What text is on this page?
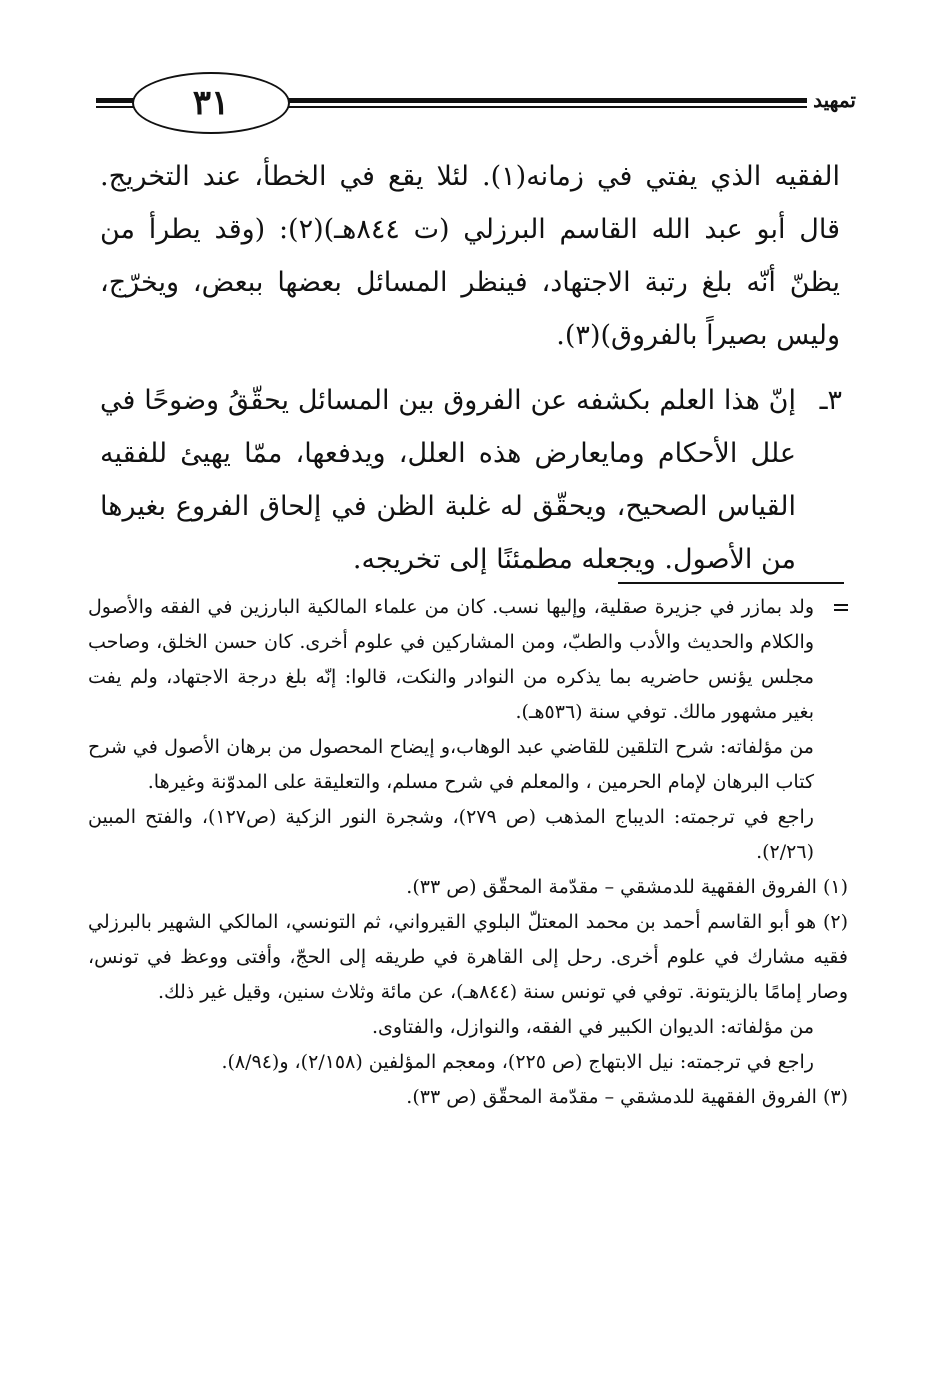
٣١	تمهيد

الفقيه الذي يفتي في زمانه(١). لئلا يقع في الخطأ، عند التخريج. قال أبو عبد الله القاسم البرزلي (ت ٨٤٤هـ)(٢): (وقد يطرأ من يظنّ أنّه بلغ رتبة الاجتهاد، فينظر المسائل بعضها ببعض، ويخرّج، وليس بصيراً بالفروق)(٣).

٣ـ

إنّ هذا العلم بكشفه عن الفروق بين المسائل يحقّقُ وضوحًا في علل الأحكام ومايعارض هذه العلل، ويدفعها، ممّا يهيئ للفقيه القياس الصحيح، ويحقّق له غلبة الظن في إلحاق الفروع بغيرها من الأصول. ويجعله مطمئنًا إلى تخريجه.

ولد بمازر في جزيرة صقلية، وإليها نسب. كان من علماء المالكية البارزين في الفقه والأصول والكلام والحديث والأدب والطبّ، ومن المشاركين في علوم أخرى. كان حسن الخلق، وصاحب مجلس يؤنس حاضريه بما يذكره من النوادر والنكت، قالوا: إنّه بلغ درجة الاجتهاد، ولم يفت بغير مشهور مالك. توفي سنة (٥٣٦هـ).

من مؤلفاته: شرح التلقين للقاضي عبد الوهاب،و إيضاح المحصول من برهان الأصول في شرح كتاب البرهان لإمام الحرمين ، والمعلم في شرح مسلم، والتعليقة على المدوّنة وغيرها.

راجع في ترجمته: الديباج المذهب (ص ٢٧٩)، وشجرة النور الزكية (ص١٢٧)، والفتح المبين (٢/٢٦).

(١) الفروق الفقهية للدمشقي – مقدّمة المحقّق (ص ٣٣).

(٢) هو أبو القاسم أحمد بن محمد المعتلّ البلوي القيرواني، ثم التونسي، المالكي الشهير بالبرزلي فقيه مشارك في علوم أخرى. رحل إلى القاهرة في طريقه إلى الحجّ، وأفتى ووعظ في تونس، وصار إمامًا بالزيتونة. توفي في تونس سنة (٨٤٤هـ)، عن مائة وثلاث سنين، وقيل غير ذلك.

من مؤلفاته: الديوان الكبير في الفقه، والنوازل، والفتاوى.

راجع في ترجمته: نيل الابتهاج (ص ٢٢٥)، ومعجم المؤلفين (٢/١٥٨)، و(٨/٩٤).

(٣) الفروق الفقهية للدمشقي – مقدّمة المحقّق (ص ٣٣).
